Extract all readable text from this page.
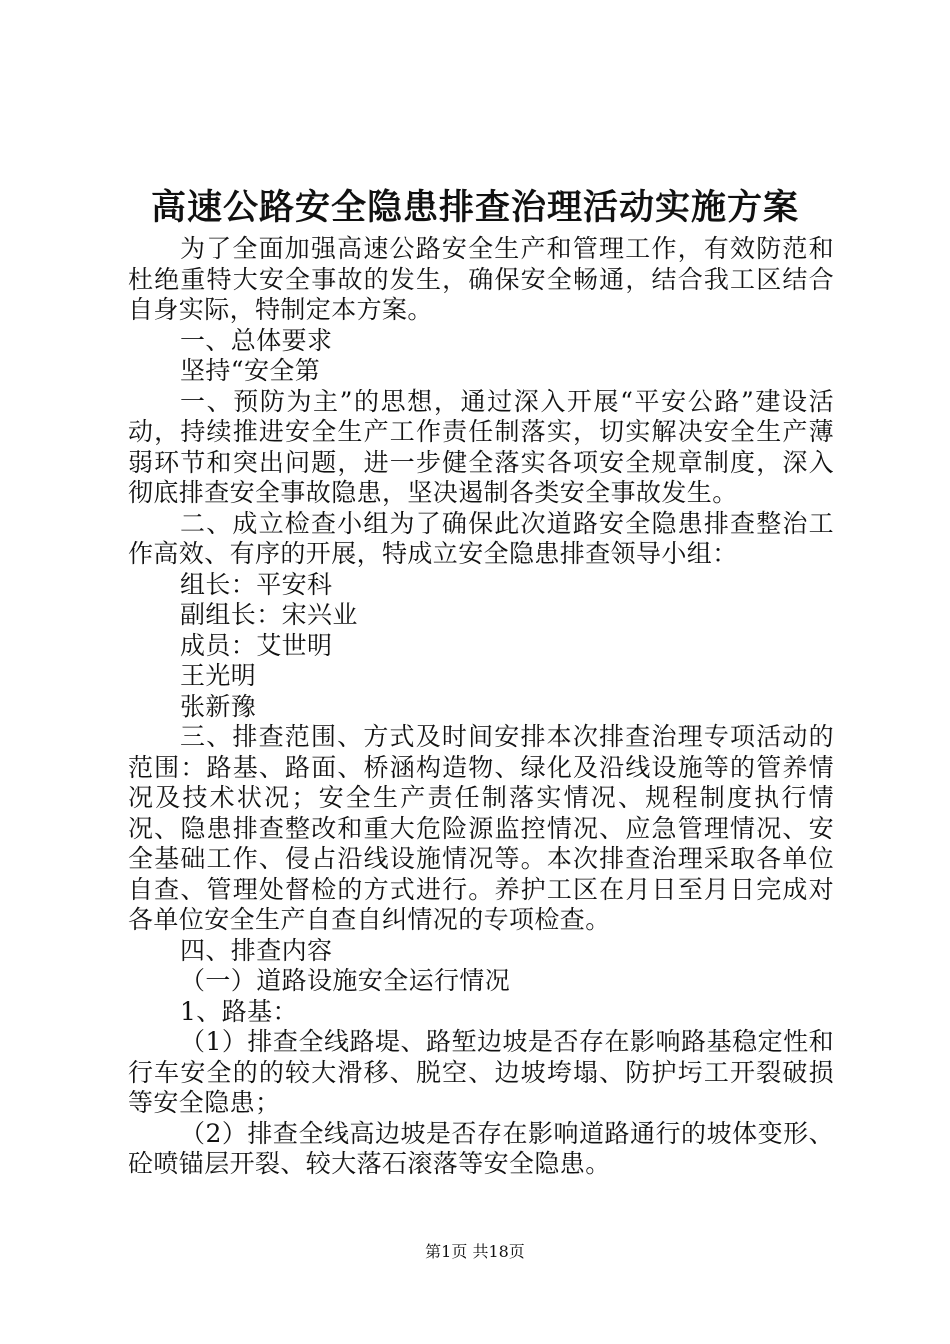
高速公路安全隐患排查治理活动实施方案

为了全面加强高速公路安全生产和管理工作，有效防范和杜绝重特大安全事故的发生，确保安全畅通，结合我工区结合自身实际，特制定本方案。

一、总体要求

坚持“安全第

一、预防为主”的思想，通过深入开展“平安公路”建设活动，持续推进安全生产工作责任制落实，切实解决安全生产薄弱环节和突出问题，进一步健全落实各项安全规章制度，深入彻底排查安全事故隐患，坚决遏制各类安全事故发生。

二、成立检查小组为了确保此次道路安全隐患排查整治工作高效、有序的开展，特成立安全隐患排查领导小组：

组长：平安科

副组长：宋兴业

成员：艾世明

王光明

张新豫

三、排查范围、方式及时间安排本次排查治理专项活动的范围：路基、路面、桥涵构造物、绿化及沿线设施等的管养情况及技术状况；安全生产责任制落实情况、规程制度执行情况、隐患排查整改和重大危险源监控情况、应急管理情况、安全基础工作、侵占沿线设施情况等。本次排查治理采取各单位自查、管理处督检的方式进行。养护工区在月日至月日完成对各单位安全生产自查自纠情况的专项检查。

四、排查内容

（一）道路设施安全运行情况

1、路基：

（1）排查全线路堤、路堑边坡是否存在影响路基稳定性和行车安全的的较大滑移、脱空、边坡垮塌、防护圬工开裂破损等安全隐患；

（2）排查全线高边坡是否存在影响道路通行的坡体变形、砼喷锚层开裂、较大落石滚落等安全隐患。

第1页 共18页
